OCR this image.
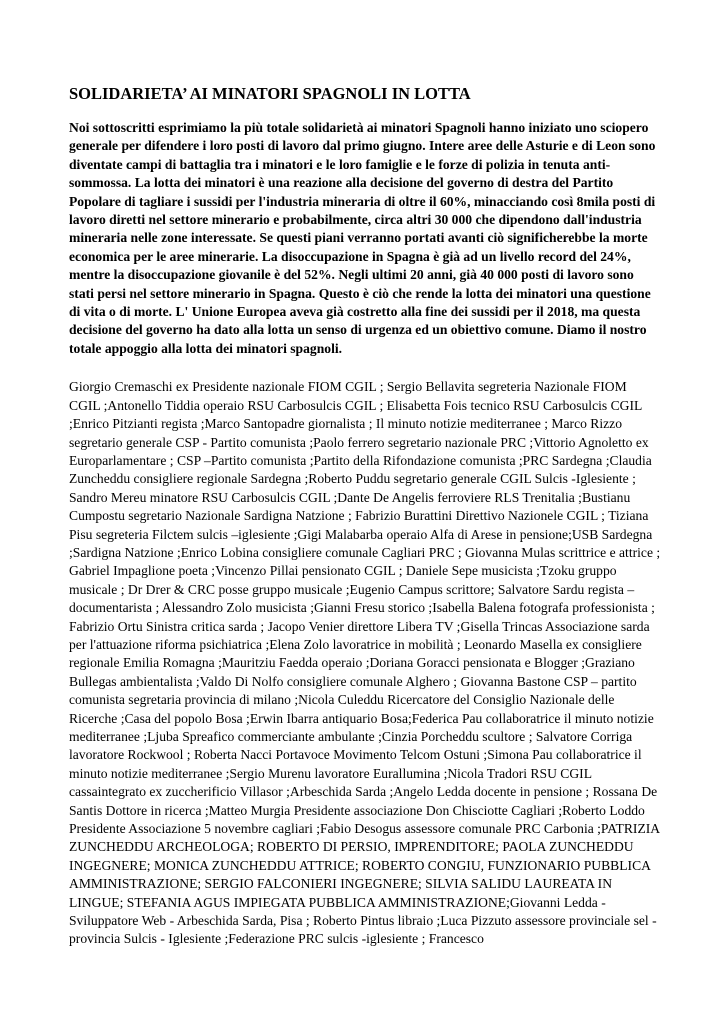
SOLIDARIETA’ AI MINATORI SPAGNOLI IN LOTTA

Noi sottoscritti esprimiamo la più totale solidarietà ai minatori Spagnoli hanno iniziato uno sciopero generale per difendere i loro posti di lavoro dal primo giugno. Intere aree delle Asturie e di Leon sono diventate campi di battaglia tra i minatori e le loro famiglie e le forze di polizia in tenuta anti-sommossa. La lotta dei minatori è una reazione alla decisione del governo di destra del Partito Popolare di tagliare i sussidi per l'industria mineraria di oltre il 60%, minacciando così 8mila posti di lavoro diretti nel settore minerario e probabilmente, circa altri 30 000 che dipendono dall'industria mineraria nelle zone interessate. Se questi piani verranno portati avanti ciò significherebbe la morte economica per le aree minerarie. La disoccupazione in Spagna è già ad un livello record del 24%, mentre la disoccupazione giovanile è del 52%. Negli ultimi 20 anni, già 40 000 posti di lavoro sono stati persi nel settore minerario in Spagna. Questo è ciò che rende la lotta dei minatori una questione di vita o di morte. L' Unione Europea aveva già costretto alla fine dei sussidi per il 2018, ma questa decisione del governo ha dato alla lotta un senso di urgenza ed un obiettivo comune. Diamo il nostro totale appoggio alla lotta dei minatori spagnoli.

Giorgio Cremaschi ex Presidente nazionale FIOM CGIL ; Sergio Bellavita segreteria Nazionale FIOM CGIL ;Antonello Tiddia operaio RSU Carbosulcis CGIL ; Elisabetta Fois tecnico RSU Carbosulcis CGIL ;Enrico Pitzianti regista ;Marco Santopadre giornalista ; Il minuto notizie mediterranee ; Marco Rizzo segretario generale CSP - Partito comunista ;Paolo ferrero segretario nazionale PRC ;Vittorio Agnoletto ex Europarlamentare ; CSP –Partito comunista ;Partito della Rifondazione comunista ;PRC Sardegna ;Claudia Zuncheddu consigliere regionale Sardegna ;Roberto Puddu segretario generale CGIL Sulcis -Iglesiente ; Sandro Mereu minatore RSU Carbosulcis CGIL ;Dante De Angelis ferroviere RLS Trenitalia ;Bustianu Cumpostu segretario Nazionale Sardigna Natzione ; Fabrizio Burattini Direttivo Nazionele CGIL ; Tiziana Pisu segreteria Filctem sulcis –iglesiente ;Gigi Malabarba operaio Alfa di Arese in pensione;USB Sardegna ;Sardigna Natzione ;Enrico Lobina consigliere comunale Cagliari PRC ; Giovanna Mulas scrittrice e attrice ; Gabriel Impaglione poeta ;Vincenzo Pillai pensionato CGIL ; Daniele Sepe musicista ;Tzoku gruppo musicale ; Dr Drer & CRC posse gruppo musicale ;Eugenio Campus scrittore; Salvatore Sardu regista – documentarista ; Alessandro Zolo musicista ;Gianni Fresu storico ;Isabella Balena fotografa professionista ; Fabrizio Ortu Sinistra critica sarda ; Jacopo Venier direttore Libera TV ;Gisella Trincas Associazione sarda per l'attuazione riforma psichiatrica ;Elena Zolo lavoratrice in mobilità ; Leonardo Masella ex consigliere regionale Emilia Romagna ;Mauritziu Faedda operaio ;Doriana Goracci pensionata e Blogger ;Graziano Bullegas ambientalista ;Valdo Di Nolfo consigliere comunale Alghero ; Giovanna Bastone CSP – partito comunista segretaria provincia di milano ;Nicola Culeddu Ricercatore del Consiglio Nazionale delle Ricerche ;Casa del popolo Bosa ;Erwin Ibarra antiquario Bosa;Federica Pau collaboratrice il minuto notizie mediterranee ;Ljuba Spreafico commerciante ambulante ;Cinzia Porcheddu scultore ; Salvatore Corriga lavoratore Rockwool ; Roberta Nacci Portavoce Movimento Telcom Ostuni ;Simona Pau collaboratrice il minuto notizie mediterranee ;Sergio Murenu lavoratore Eurallumina ;Nicola Tradori RSU CGIL cassaintegrato ex zuccherificio Villasor ;Arbeschida Sarda ;Angelo Ledda docente in pensione ; Rossana De Santis Dottore in ricerca ;Matteo Murgia Presidente associazione Don Chisciotte Cagliari ;Roberto Loddo Presidente Associazione 5 novembre cagliari ;Fabio Desogus assessore comunale PRC Carbonia ;PATRIZIA ZUNCHEDDU ARCHEOLOGA; ROBERTO DI PERSIO, IMPRENDITORE; PAOLA ZUNCHEDDU INGEGNERE; MONICA ZUNCHEDDU ATTRICE; ROBERTO CONGIU, FUNZIONARIO PUBBLICA AMMINISTRAZIONE; SERGIO FALCONIERI INGEGNERE; SILVIA SALIDU LAUREATA IN LINGUE; STEFANIA AGUS IMPIEGATA PUBBLICA AMMINISTRAZIONE;Giovanni Ledda - Sviluppatore Web - Arbeschida Sarda, Pisa ; Roberto Pintus libraio ;Luca Pizzuto assessore provinciale sel - provincia Sulcis - Iglesiente ;Federazione PRC sulcis -iglesiente ; Francesco
